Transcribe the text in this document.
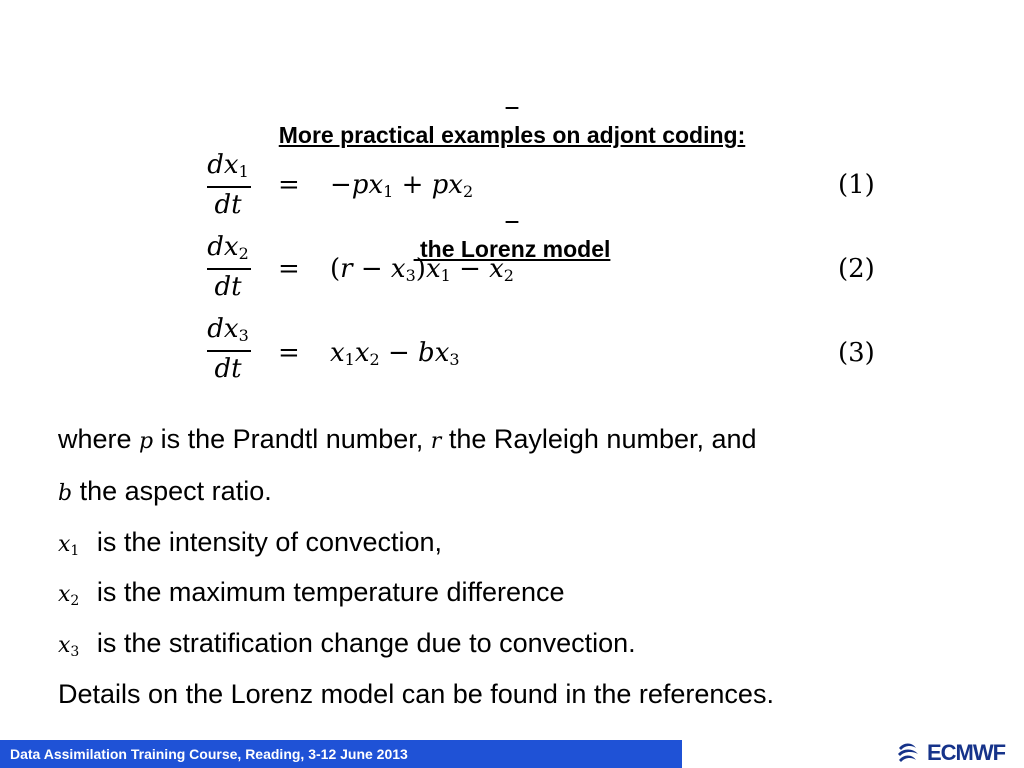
More practical examples on adjont coding:

the Lorenz model

$dx_1$
dt
= $-px_1 + px_2$	(1)
$dx_2$
dt
= $(r - x_3)x_1 - x_2$	(2)
$dx_3$
dt
= $x_1x_2 - bx_3$	(3)
where p is the Prandtl number, r the Rayleigh number, and
b the aspect ratio.
$x_1$ is the intensity of convection,
$x_2$ is the maximum temperature difference
$x_3$ is the stratification change due to convection.
Details on the Lorenz model can be found in the references.
Data Assimilation Training Course, Reading, 3-12 June 2013	ECMWF
